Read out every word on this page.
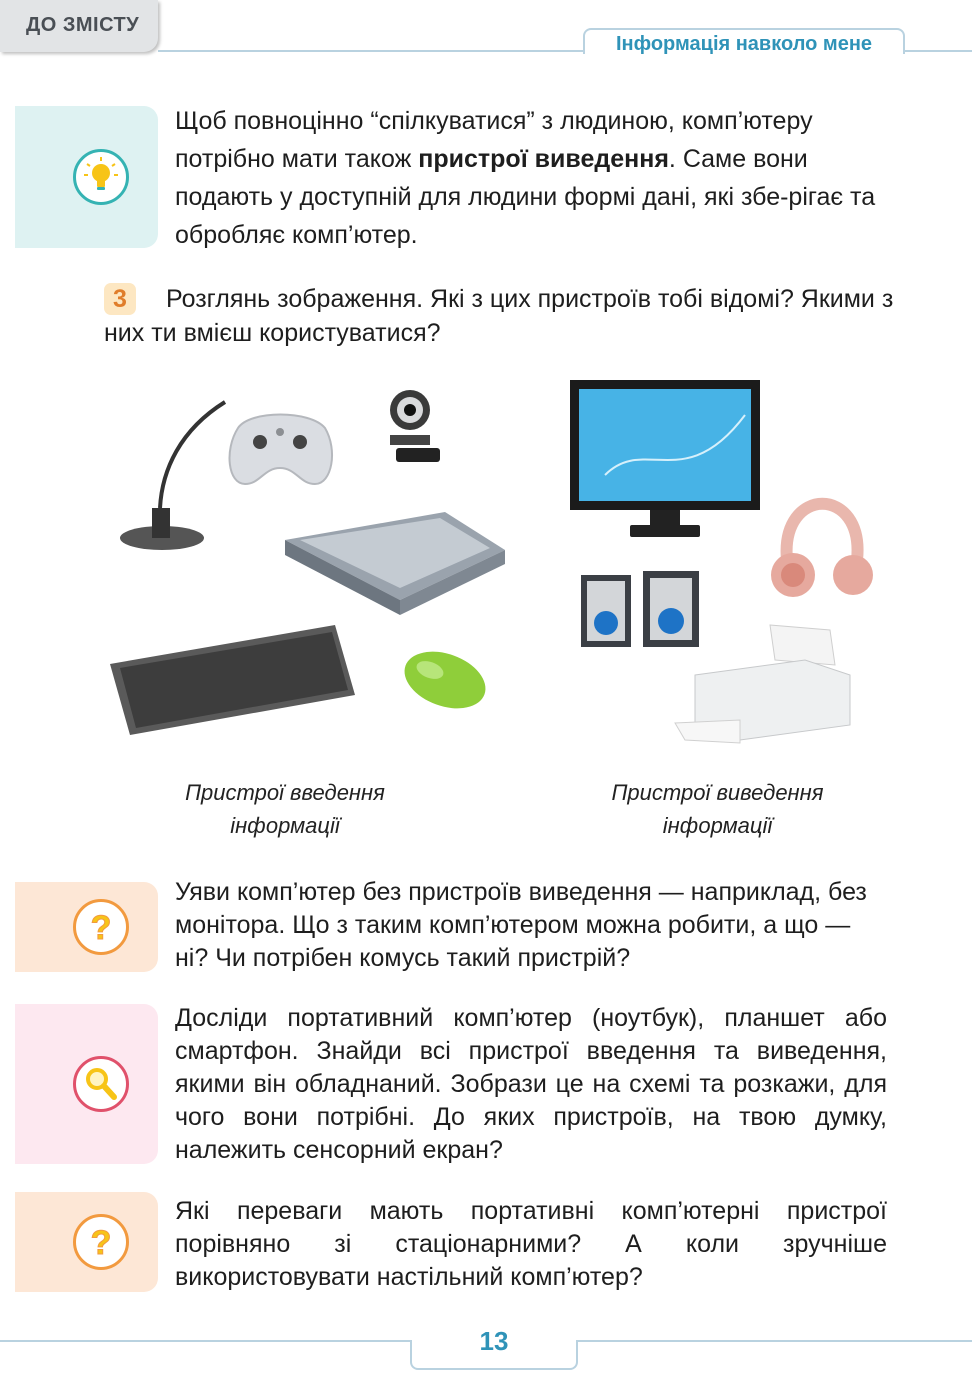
ДО ЗМІСТУ
Інформація навколо мене
Щоб повноцінно “спілкуватися” з людиною, комп’ютеру потрібно мати також пристрої виведення. Саме вони подають у доступній для людини формі дані, які збе-рігає та обробляє комп’ютер.
3 Розглянь зображення. Які з цих пристроїв тобі відомі? Якими з них ти вмієш користуватися?
Пристрої введення
інформації
Пристрої виведення
інформації
?
Уяви комп’ютер без пристроїв виведення — наприклад, без монітора. Що з таким комп’ютером можна робити, а що — ні? Чи потрібен комусь такий пристрій?
Досліди портативний комп’ютер (ноутбук), планшет або смартфон. Знайди всі пристрої введення та виведення, якими він обладнаний. Зобрази це на схемі та розкажи, для чого вони потрібні. До яких пристроїв, на твою думку, належить сенсорний екран?
?
Які переваги мають портативні комп’ютерні пристрої порівняно зі стаціонарними? А коли зручніше використовувати настільний комп’ютер?
13
